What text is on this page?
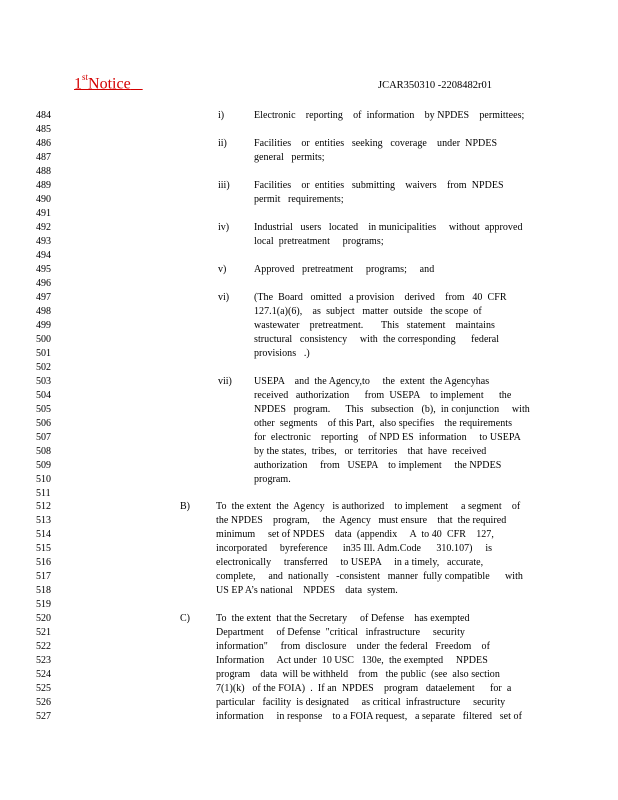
1stNotice	JCAR350310 -2208482r01
484	i)	Electronic    reporting    of  information    by NPDES    permittees;
485
486	ii)	Facilities    or  entities   seeking   coverage    under  NPDES
487	general   permits;
488
489	iii) Facilities    or  entities   submitting    waivers    from  NPDES
490	permit   requirements;
491
492	iv) Industrial   users   located    in municipalities     without  approved
493	local  pretreatment     programs;
494
495	v)	Approved   pretreatment     programs;     and
496
497	vi) (The  Board   omitted   a provision    derived    from   40  CFR
498	127.1(a)(6),    as  subject   matter  outside   the scope  of
499	wastewater    pretreatment.       This   statement    maintains
500	structural   consistency     with  the corresponding      federal
501	provisions   .)
502
503	vii) USEPA    and  the Agency,to     the  extent  the Agencyhas
504	received   authorization      from  USEPA    to implement      the
505	NPDES   program.      This   subsection   (b),  in conjunction     with
506	other  segments    of this Part,  also specifies    the requirements
507	for  electronic    reporting    of NPD ES  information     to USEPA
508	by the states,  tribes,   or  territories    that  have  received
509	authorization     from   USEPA    to implement     the NPDES
510	program.
511
512	B)	To  the extent  the  Agency   is authorized    to implement     a segment    of
513	the NPDES    program,     the  Agency   must ensure    that  the required
514	minimum     set of NPDES    data  (appendix     A  to 40  CFR    127,
515	incorporated     byreference      in35 Ill. Adm.Code      310.107)     is
516	electronically     transferred     to USEPA     in a timely,   accurate,
517	complete,     and  nationally   -consistent   manner  fully compatible      with
518	US EP A’s national    NPDES    data  system.
519
520	C)	To  the extent  that the Secretary     of Defense    has exempted
521	Department     of Defense  "critical   infrastructure     security
522	information"     from  disclosure    under  the federal   Freedom    of
523	Information     Act under  10 USC   130e,  the exempted     NPDES
524	program    data  will be withheld    from   the public  (see  also section
525	7(1)(k)   of the FOIA)  .  If an  NPDES    program   dataelement      for  a
526	particular   facility  is designated     as critical  infrastructure     security
527	information     in response    to a FOIA request,   a separate   filtered   set of
